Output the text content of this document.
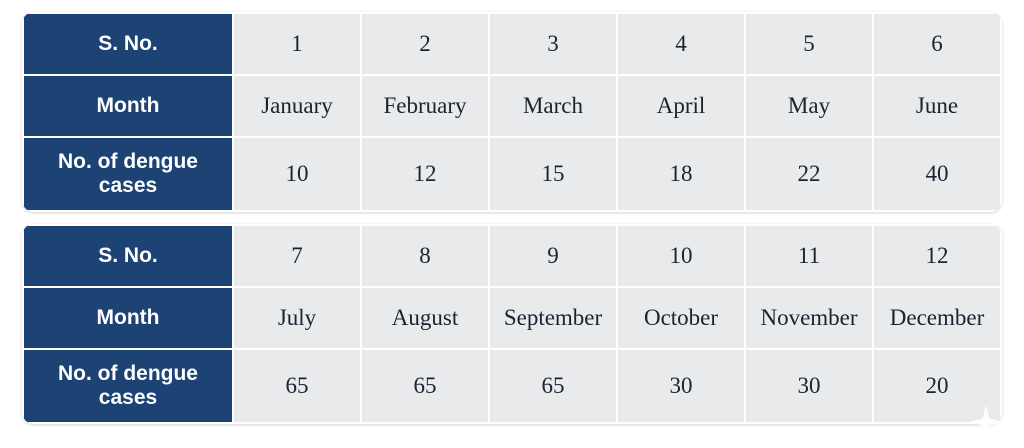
S. No.	1	2	3	4	5	6
Month	January	February	March	April	May	June
No. of dengue cases	10	12	15	18	22	40
S. No.	7	8	9	10	11	12
Month	July	August	September	October	November	December
No. of dengue cases	65	65	65	30	30	20
